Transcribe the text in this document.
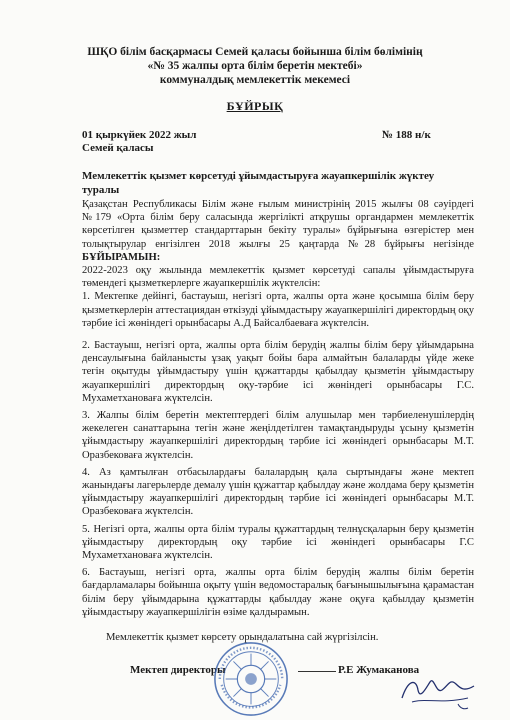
ШҚО білім басқармасы Семей қаласы бойынша білім бөлімінің
«№ 35 жалпы орта білім беретін мектебі»
коммуналдық мемлекеттік мекемесі
БҰЙРЫҚ
01 қыркүйек 2022 жыл	№ 188 н/к
Семей қаласы
Мемлекеттік қызмет көрсетуді ұйымдастыруға жауапкершілік жүктеу
туралы

Қазақстан Республикасы Білім және ғылым министрінің 2015 жылғы 08 сәуірдегі №179 «Орта білім беру саласында жергілікті атқрушы органдармен мемлекеттік көрсетілген қызметтер стандарттарын бекіту туралы» бұйрығына өзгерістер мен толықтырулар енгізілген 2018 жылғы 25 қаңтарда №28 бұйрығы негізінде БҰЙЫРАМЫН:

2022-2023 оқу жылында мемлекеттік қызмет көрсетуді сапалы ұйымдастыруға төмендегі қызметкерлерге жауапкершілік жүктелсін:

1. Мектепке дейінгі, бастауыш, негізгі орта, жалпы орта және қосымша білім беру қызметкерлерін аттестациядан өткізуді ұйымдастыру жауапкершілігі директордың оқу тәрбие ісі жөніндегі орынбасары А.Д Байсалбаеваға жүктелсін.

2. Бастауыш, негізгі орта, жалпы орта білім берудің жалпы білім беру ұйымдарына денсаулығына байланысты ұзақ уақыт бойы бара алмайтын балаларды үйде жеке тегін оқытуды ұйымдастыру үшін құжаттарды қабылдау қызметін ұйымдастыру жауапкершілігі директордың оқу-тәрбие ісі жөніндегі орынбасары Г.С. Мухаметхановаға жүктелсін.

3. Жалпы білім беретін мектептердегі білім алушылар мен тәрбиеленушілердің жекелеген санаттарына тегін және жеңілдетілген тамақтандыруды ұсыну қызметін ұйымдастыру жауапкершілігі директордың тәрбие ісі жөніндегі орынбасары М.Т. Оразбековаға жүктелсін.

4. Аз қамтылған отбасылардағы балалардың қала сыртындағы және мектеп жанындағы лагерьлерде демалу үшін құжаттар қабылдау және жолдама беру қызметін ұйымдастыру жауапкершілігі директордың тәрбие ісі жөніндегі орынбасары М.Т. Оразбековаға жүктелсін.

5. Негізгі орта, жалпы орта білім туралы құжаттардың телнұсқаларын беру қызметін ұйымдастыру директордың оқу тәрбие ісі жөніндегі орынбасары Г.С Мухаметхановаға жүктелсін.

6. Бастауыш, негізгі орта, жалпы орта білім берудің жалпы білім беретін бағдарламалары бойынша оқыту үшін ведомостаралық бағынышылығына қарамастан білім беру ұйымдарына құжаттарды қабылдау және оқуға қабылдау қызметін ұйымдастыру жауапкершілігін өзіме қалдырамын.

Мемлекеттік қызмет көрсету орындалатына сай жүргізілсін.

Мектеп директоры	Р.Е Жумаканова
